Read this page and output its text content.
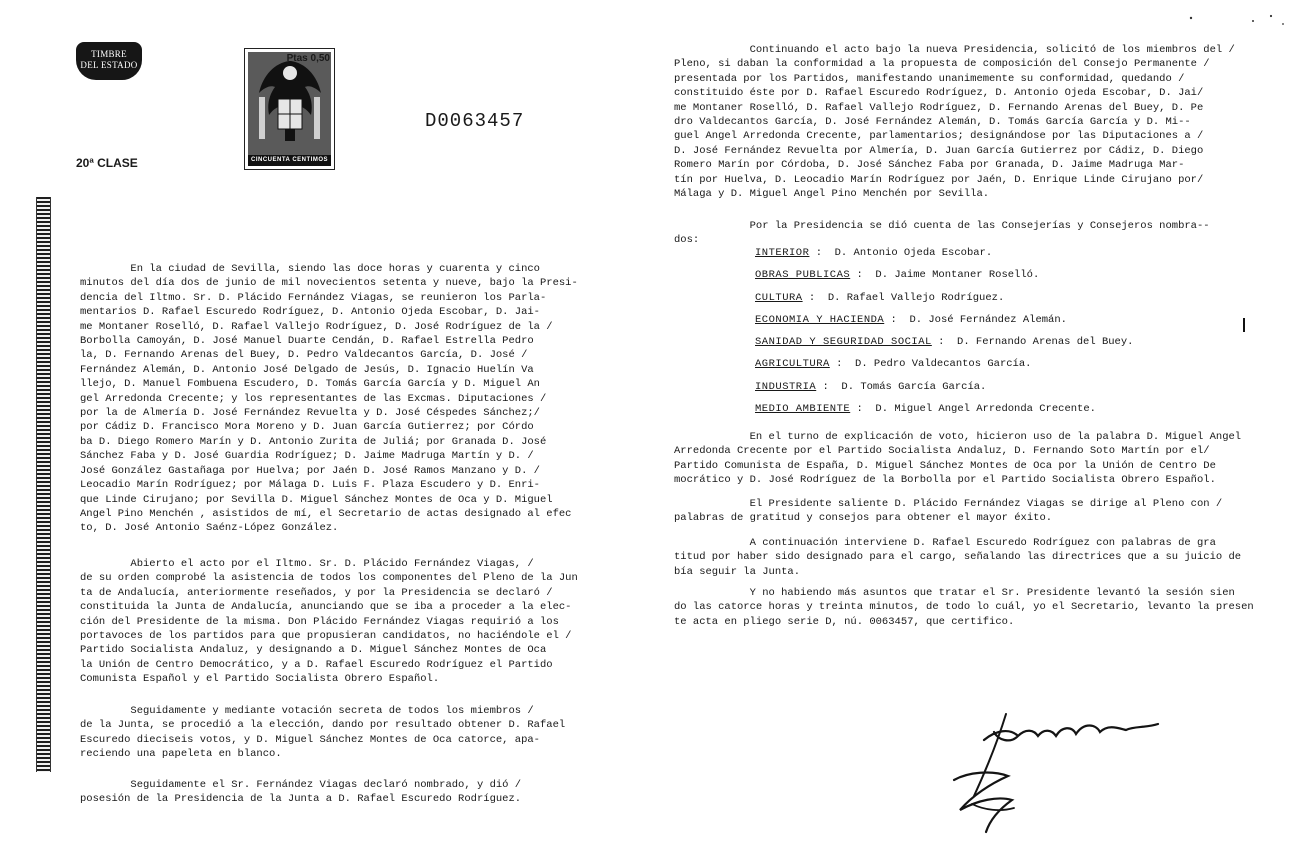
TIMBRE
DEL ESTADO
20ª CLASE
Ptas 0,50
CINCUENTA CENTIMOS
D0063457
En la ciudad de Sevilla, siendo las doce horas y cuarenta y cinco
minutos del día dos de junio de mil novecientos setenta y nueve, bajo la Presi-
dencia del Iltmo. Sr. D. Plácido Fernández Viagas, se reunieron los Parla-
mentarios D. Rafael Escuredo Rodríguez, D. Antonio Ojeda Escobar, D. Jai-
me Montaner Roselló, D. Rafael Vallejo Rodríguez, D. José Rodríguez de la /
Borbolla Camoyán, D. José Manuel Duarte Cendán, D. Rafael Estrella Pedro
la, D. Fernando Arenas del Buey, D. Pedro Valdecantos García, D. José /
Fernández Alemán, D. Antonio José Delgado de Jesús, D. Ignacio Huelín Va
llejo, D. Manuel Fombuena Escudero, D. Tomás García García y D. Miguel An
gel Arredonda Crecente; y los representantes de las Excmas. Diputaciones /
por la de Almería D. José Fernández Revuelta y D. José Céspedes Sánchez;/
por Cádiz D. Francisco Mora Moreno y D. Juan García Gutierrez; por Córdo
ba D. Diego Romero Marín y D. Antonio Zurita de Juliá; por Granada D. José
Sánchez Faba y D. José Guardia Rodríguez; D. Jaime Madruga Martín y D. /
José González Gastañaga por Huelva; por Jaén D. José Ramos Manzano y D. /
Leocadio Marín Rodríguez; por Málaga D. Luis F. Plaza Escudero y D. Enri-
que Linde Cirujano; por Sevilla D. Miguel Sánchez Montes de Oca y D. Miguel
Angel Pino Menchén , asistidos de mí, el Secretario de actas designado al efec
to, D. José Antonio Saénz-López González.
Abierto el acto por el Iltmo. Sr. D. Plácido Fernández Viagas, /
de su orden comprobé la asistencia de todos los componentes del Pleno de la Jun
ta de Andalucía, anteriormente reseñados, y por la Presidencia se declaró /
constituida la Junta de Andalucía, anunciando que se iba a proceder a la elec-
ción del Presidente de la misma. Don Plácido Fernández Viagas requirió a los
portavoces de los partidos para que propusieran candidatos, no haciéndole el /
Partido Socialista Andaluz, y designando a D. Miguel Sánchez Montes de Oca
la Unión de Centro Democrático, y a D. Rafael Escuredo Rodríguez el Partido
Comunista Español y el Partido Socialista Obrero Español.
Seguidamente y mediante votación secreta de todos los miembros /
de la Junta, se procedió a la elección, dando por resultado obtener D. Rafael
Escuredo dieciseis votos, y D. Miguel Sánchez Montes de Oca catorce, apa-
reciendo una papeleta en blanco.
Seguidamente el Sr. Fernández Viagas declaró nombrado, y dió /
posesión de la Presidencia de la Junta a D. Rafael Escuredo Rodríguez.
Continuando el acto bajo la nueva Presidencia, solicitó de los miembros del /
Pleno, si daban la conformidad a la propuesta de composición del Consejo Permanente /
presentada por los Partidos, manifestando unanimemente su conformidad, quedando /
constituido éste por D. Rafael Escuredo Rodríguez, D. Antonio Ojeda Escobar, D. Jai/
me Montaner Roselló, D. Rafael Vallejo Rodríguez, D. Fernando Arenas del Buey, D. Pe
dro Valdecantos García, D. José Fernández Alemán, D. Tomás García García y D. Mi--
guel Angel Arredonda Crecente, parlamentarios; designándose por las Diputaciones a /
D. José Fernández Revuelta por Almería, D. Juan García Gutierrez por Cádiz, D. Diego
Romero Marín por Córdoba, D. José Sánchez Faba por Granada, D. Jaime Madruga Mar-
tín por Huelva, D. Leocadio Marín Rodríguez por Jaén, D. Enrique Linde Cirujano por/
Málaga y D. Miguel Angel Pino Menchén por Sevilla.
Por la Presidencia se dió cuenta de las Consejerías y Consejeros nombra--
dos:
INTERIOR :  D. Antonio Ojeda Escobar.
OBRAS PUBLICAS :  D. Jaime Montaner Roselló.
CULTURA :  D. Rafael Vallejo Rodríguez.
ECONOMIA Y HACIENDA :  D. José Fernández Alemán.
SANIDAD Y SEGURIDAD SOCIAL :  D. Fernando Arenas del Buey.
AGRICULTURA :  D. Pedro Valdecantos García.
INDUSTRIA :  D. Tomás García García.
MEDIO AMBIENTE :  D. Miguel Angel Arredonda Crecente.
En el turno de explicación de voto, hicieron uso de la palabra D. Miguel Angel
Arredonda Crecente por el Partido Socialista Andaluz, D. Fernando Soto Martín por el/
Partido Comunista de España, D. Miguel Sánchez Montes de Oca por la Unión de Centro De
mocrático y D. José Rodríguez de la Borbolla por el Partido Socialista Obrero Español.
El Presidente saliente D. Plácido Fernández Viagas se dirige al Pleno con /
palabras de gratitud y consejos para obtener el mayor éxito.
A continuación interviene D. Rafael Escuredo Rodríguez con palabras de gra
titud por haber sido designado para el cargo, señalando las directrices que a su juicio de
bía seguir la Junta.
Y no habiendo más asuntos que tratar el Sr. Presidente levantó la sesión sien
do las catorce horas y treinta minutos, de todo lo cuál, yo el Secretario, levanto la presen
te acta en pliego serie D, nú. 0063457, que certifico.
